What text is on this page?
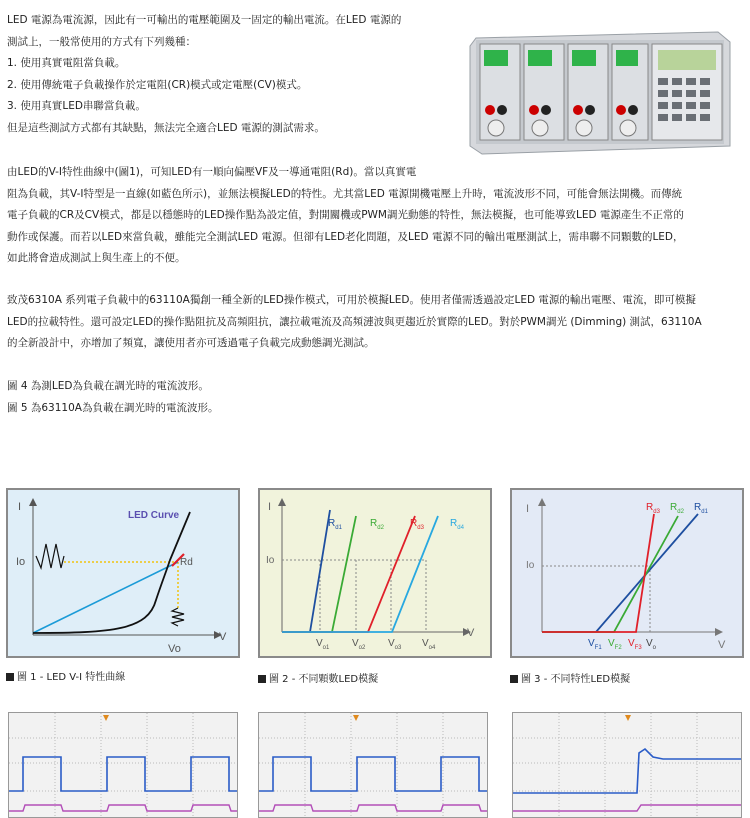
LED 電源為電流源，因此有一可輸出的電壓範圍及一固定的輸出電流。在LED 電源的
測試上，一般常使用的方式有下列幾種：
1. 使用真實電阻當負載。
2. 使用傳統電子負載操作於定電阻(CR)模式或定電壓(CV)模式。
3. 使用真實LED串聯當負載。
但是這些測試方式都有其缺點，無法完全適合LED 電源的測試需求。
由LED的V-I特性曲線中(圖1)，可知LED有一順向偏壓VF及一導通電阻(Rd)。當以真實電
阻為負載，其V-I特型是一直線(如藍色所示)，並無法模擬LED的特性。尤其當LED 電源開機電壓上升時，電流波形不同，可能會無法開機。而傳統
電子負載的CR及CV模式，都是以穩態時的LED操作點為設定值，對開關機或PWM調光動態的特性，無法模擬，也可能導致LED 電源產生不正常的
動作或保護。而若以LED來當負載，雖能完全測試LED 電源。但卻有LED老化問題，及LED 電源不同的輸出電壓測試上，需串聯不同顆數的LED，
如此將會造成測試上與生產上的不便。
致茂6310A 系列電子負載中的63110A獨創一種全新的LED操作模式，可用於模擬LED。使用者僅需透過設定LED 電源的輸出電壓、電流，即可模擬
LED的拉載特性。還可設定LED的操作點阻抗及高頻阻抗，讓拉載電流及高頻漣波與更趨近於實際的LED。對於PWM調光 (Dimming) 測試，63110A
的全新設計中，亦增加了頻寬，讓使用者亦可透過電子負載完成動態調光測試。
圖 4 為測LED為負載在調光時的電流波形。
圖 5 為63110A為負載在調光時的電流波形。
I
V
Io
Vo
LED Curve
Rd
圖 1 - LED V-I 特性曲線
I
V
Io
$R_{d1}$	$R_{d2}$	$R_{d3}$	$R_{d4}$
$V_{o1}$ $V_{o2}$ $V_{o3}$ $V_{o4}$
圖 2 - 不同顆數LED模擬
I
V
Io
$R_{d3}$ $R_{d2}$ $R_{d1}$
$V_{F1}$ $V_{F2}$ $V_{F3}$ $V_o$
圖 3 - 不同特性LED模擬
